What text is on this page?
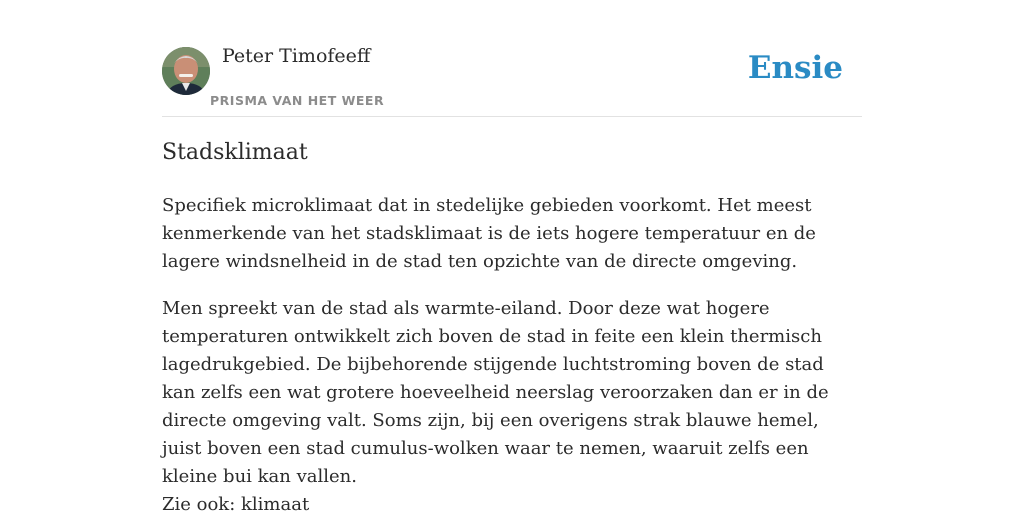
Peter Timofeeff
PRISMA VAN HET WEER
Ensie
Stadsklimaat

Specifiek microklimaat dat in stedelijke gebieden voorkomt. Het meest kenmerkende van het stadsklimaat is de iets hogere temperatuur en de lagere windsnelheid in de stad ten opzichte van de directe omgeving.

Men spreekt van de stad als warmte-eiland. Door deze wat hogere temperaturen ontwikkelt zich boven de stad in feite een klein thermisch lagedrukgebied. De bijbehorende stijgende luchtstroming boven de stad kan zelfs een wat grotere hoeveelheid neerslag veroorzaken dan er in de directe omgeving valt. Soms zijn, bij een overigens strak blauwe hemel, juist boven een stad cumulus-wolken waar te nemen, waaruit zelfs een kleine bui kan vallen.

Zie ook: klimaat
